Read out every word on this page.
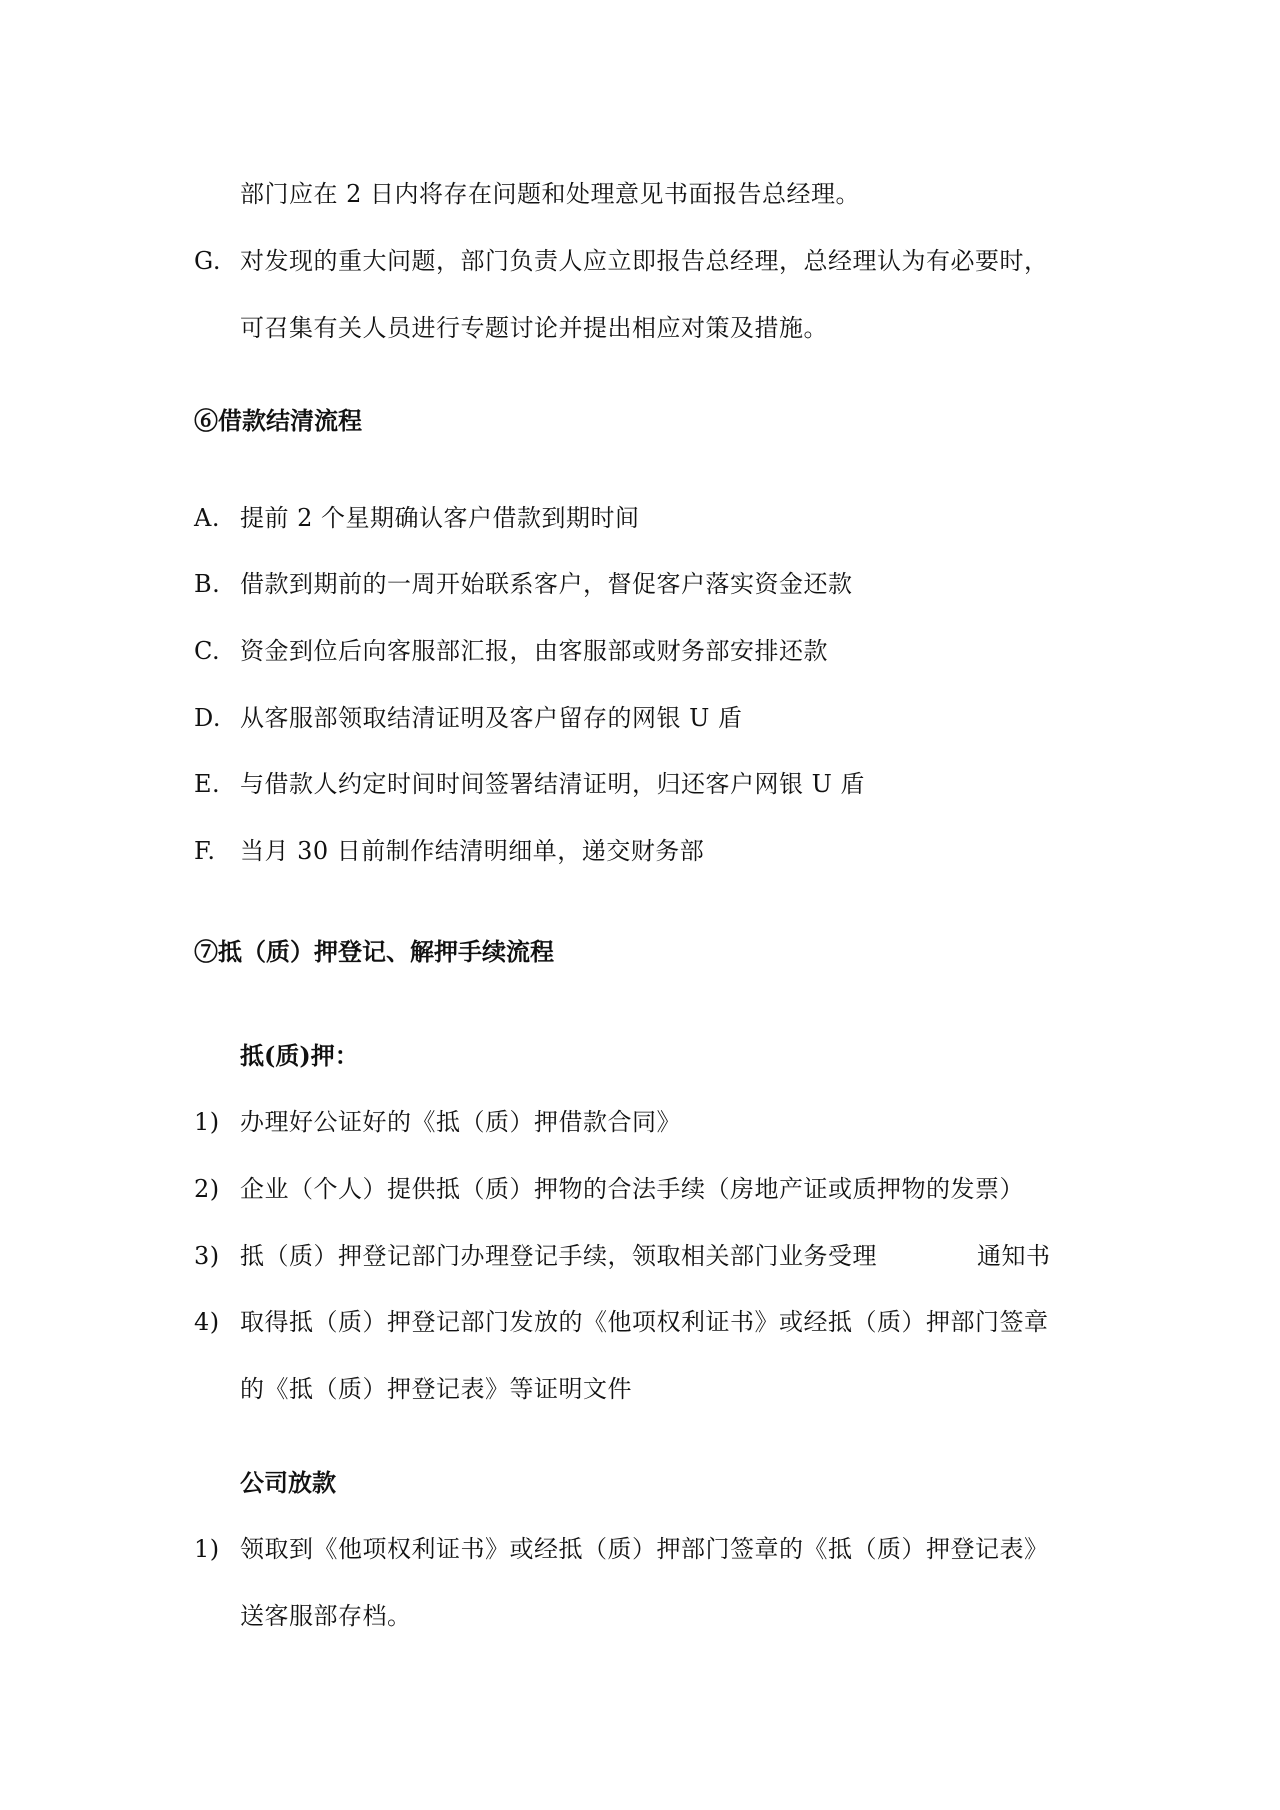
部门应在 2 日内将存在问题和处理意见书面报告总经理。
G. 对发现的重大问题，部门负责人应立即报告总经理，总经理认为有必要时，
可召集有关人员进行专题讨论并提出相应对策及措施。
⑥借款结清流程
A. 提前 2 个星期确认客户借款到期时间
B. 借款到期前的一周开始联系客户，督促客户落实资金还款
C. 资金到位后向客服部汇报，由客服部或财务部安排还款
D. 从客服部领取结清证明及客户留存的网银 U 盾
E. 与借款人约定时间时间签署结清证明，归还客户网银 U 盾
F. 当月 30 日前制作结清明细单，递交财务部
⑦抵（质）押登记、解押手续流程
抵(质)押：
1) 办理好公证好的《抵（质）押借款合同》
2) 企业（个人）提供抵（质）押物的合法手续（房地产证或质押物的发票）
3) 抵（质）押登记部门办理登记手续，领取相关部门业务受理	通知书
4) 取得抵（质）押登记部门发放的《他项权利证书》或经抵（质）押部门签章
的《抵（质）押登记表》等证明文件
公司放款
1) 领取到《他项权利证书》或经抵（质）押部门签章的《抵（质）押登记表》
送客服部存档。
